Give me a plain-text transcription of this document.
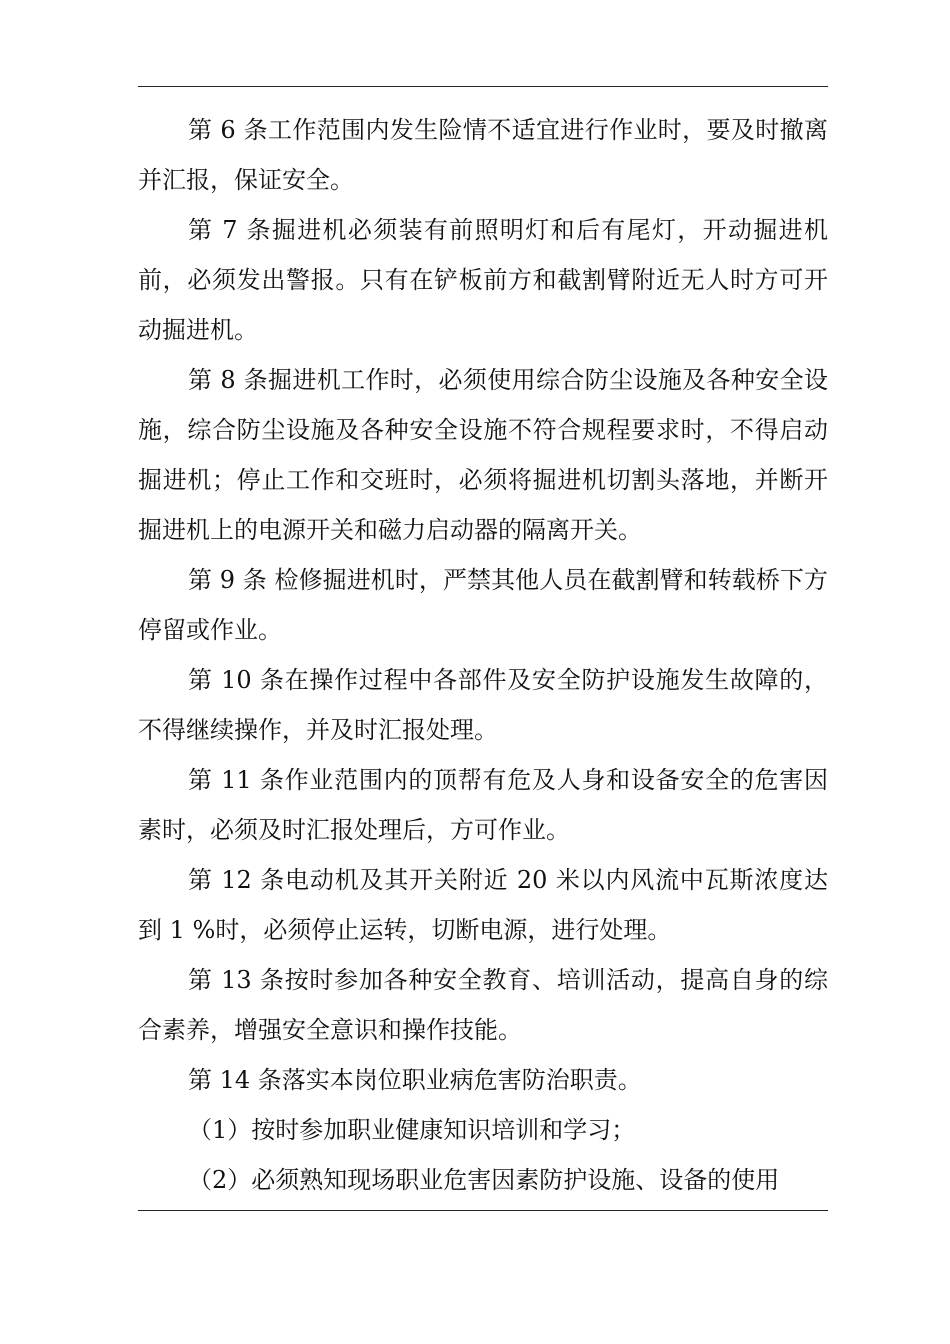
第 6 条工作范围内发生险情不适宜进行作业时，要及时撤离并汇报，保证安全。

第 7 条掘进机必须装有前照明灯和后有尾灯，开动掘进机前，必须发出警报。只有在铲板前方和截割臂附近无人时方可开动掘进机。

第 8 条掘进机工作时，必须使用综合防尘设施及各种安全设施，综合防尘设施及各种安全设施不符合规程要求时，不得启动掘进机；停止工作和交班时，必须将掘进机切割头落地，并断开掘进机上的电源开关和磁力启动器的隔离开关。

第 9 条 检修掘进机时，严禁其他人员在截割臂和转载桥下方停留或作业。

第 10 条在操作过程中各部件及安全防护设施发生故障的，不得继续操作，并及时汇报处理。

第 11 条作业范围内的顶帮有危及人身和设备安全的危害因素时，必须及时汇报处理后，方可作业。

第 12 条电动机及其开关附近 20 米以内风流中瓦斯浓度达到 1 %时，必须停止运转，切断电源，进行处理。

第 13 条按时参加各种安全教育、培训活动，提高自身的综合素养，增强安全意识和操作技能。

第 14 条落实本岗位职业病危害防治职责。

（1）按时参加职业健康知识培训和学习；

（2）必须熟知现场职业危害因素防护设施、设备的使用
